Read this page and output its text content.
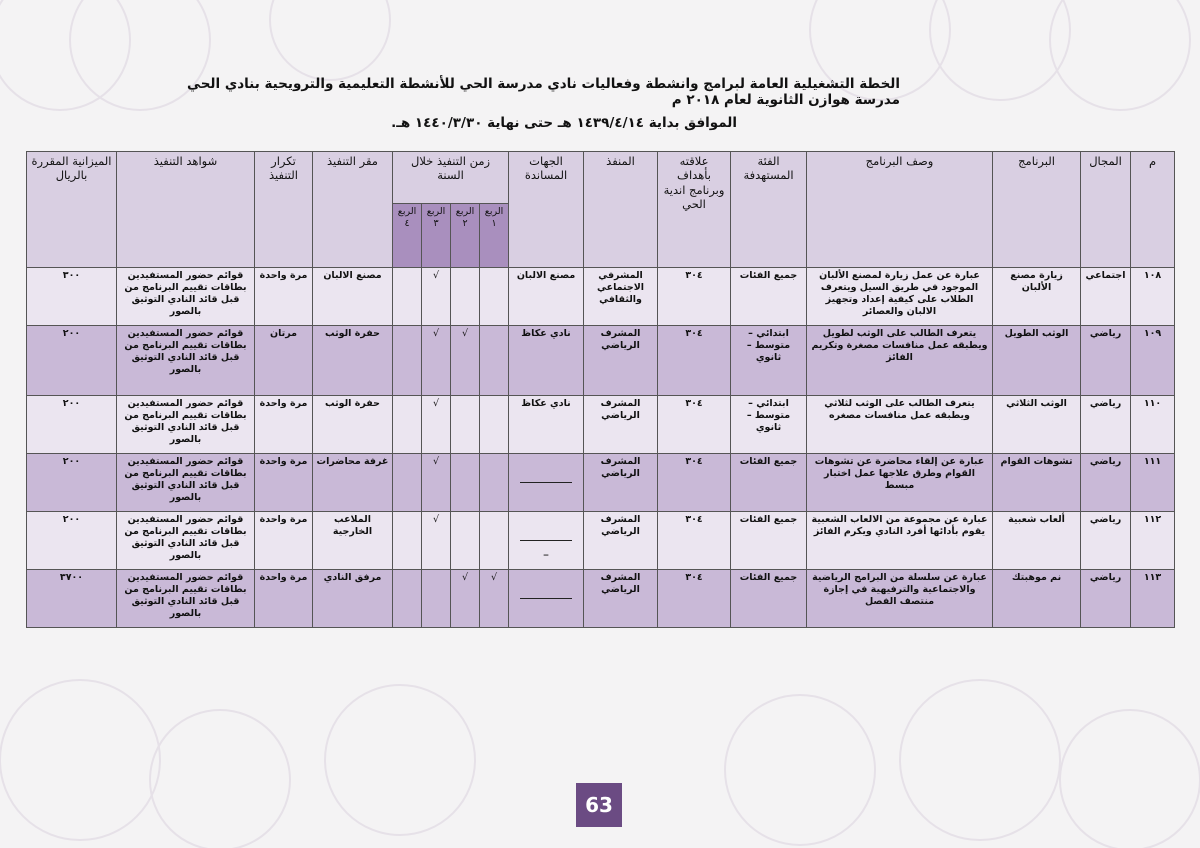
الخطة التشغيلية العامة لبرامج وانشطة وفعاليات نادي مدرسة الحي للأنشطة التعليمية والترويحية بنادي الحي مدرسة هوازن الثانوية لعام ٢٠١٨ م
الموافق بداية ١٤٣٩/٤/١٤ هـ حتى نهاية ١٤٤٠/٣/٣٠ هـ.
م	المجال	البرنامج	وصف البرنامج	الفئة المستهدفة	علاقته بأهداف وبرنامج اندية الحي	المنفذ	الجهات المساندة	زمن التنفيذ خلال السنة				مقر التنفيذ	تكرار التنفيذ	شواهد التنفيذ	الميزانية المقررة بالريال
								الربع ١	الربع ٢	الربع ٣	الربع ٤				
١٠٨	اجتماعي	زيارة مصنع الألبان	عبارة عن عمل زيارة لمصنع الألبان الموجود في طريق السيل ويتعرف الطلاب على كيفية إعداد وتجهيز الالبان والعصائر	جميع الفئات	٣٠٤	المشرفي الاجتماعي والثقافي	مصنع الالبان			√		مصنع الالبان	مرة واحدة	قوائم حضور المستفيدين بطاقات تقييم البرنامج من قبل قائد النادي التوثيق بالصور	٣٠٠
١٠٩	رياضي	الوثب الطويل	يتعرف الطالب على الوثب لطويل ويطبقه عمل منافسات مصغرة وتكريم الفائز	ابتدائي – متوسط – ثانوي	٣٠٤	المشرف الرياضي	نادي عكاظ		√	√		حفرة الوثب	مرتان	قوائم حضور المستفيدين بطاقات تقييم البرنامج من قبل قائد النادي التوثيق بالصور	٢٠٠
١١٠	رياضي	الوثب الثلاثي	يتعرف الطالب على الوثب لثلاثي ويطبقه عمل منافسات مصغره	ابتدائي – متوسط – ثانوي	٣٠٤	المشرف الرياضي	نادي عكاظ			√		حفرة الوثب	مرة واحدة	قوائم حضور المستفيدين بطاقات تقييم البرنامج من قبل قائد النادي التوثيق بالصور	٢٠٠
١١١	رياضي	تشوهات القوام	عبارة عن إلقاء محاضرة عن تشوهات القوام وطرق علاجها عمل اختبار مبسط	جميع الفئات	٣٠٤	المشرف الرياضي				√		غرفة محاضرات	مرة واحدة	قوائم حضور المستفيدين بطاقات تقييم البرنامج من قبل قائد النادي التوثيق بالصور	٢٠٠
١١٢	رياضي	ألعاب شعبية	عبارة عن مجموعة من الالعاب الشعبية يقوم بأدائها أفرد النادي ويكرم الفائز	جميع الفئات	٣٠٤	المشرف الرياضي	_			√		الملاعب الخارجية	مرة واحدة	قوائم حضور المستفيدين بطاقات تقييم البرنامج من قبل قائد النادي التوثيق بالصور	٢٠٠
١١٣	رياضي	نم موهبتك	عبارة عن سلسلة من البرامج الرياضية والاجتماعية والترفيهية في إجازة منتصف الفصل	جميع الفئات	٣٠٤	المشرف الرياضي		√	√			مرفق النادي	مرة واحدة	قوائم حضور المستفيدين بطاقات تقييم البرنامج من قبل قائد النادي التوثيق بالصور	٣٧٠٠
63
